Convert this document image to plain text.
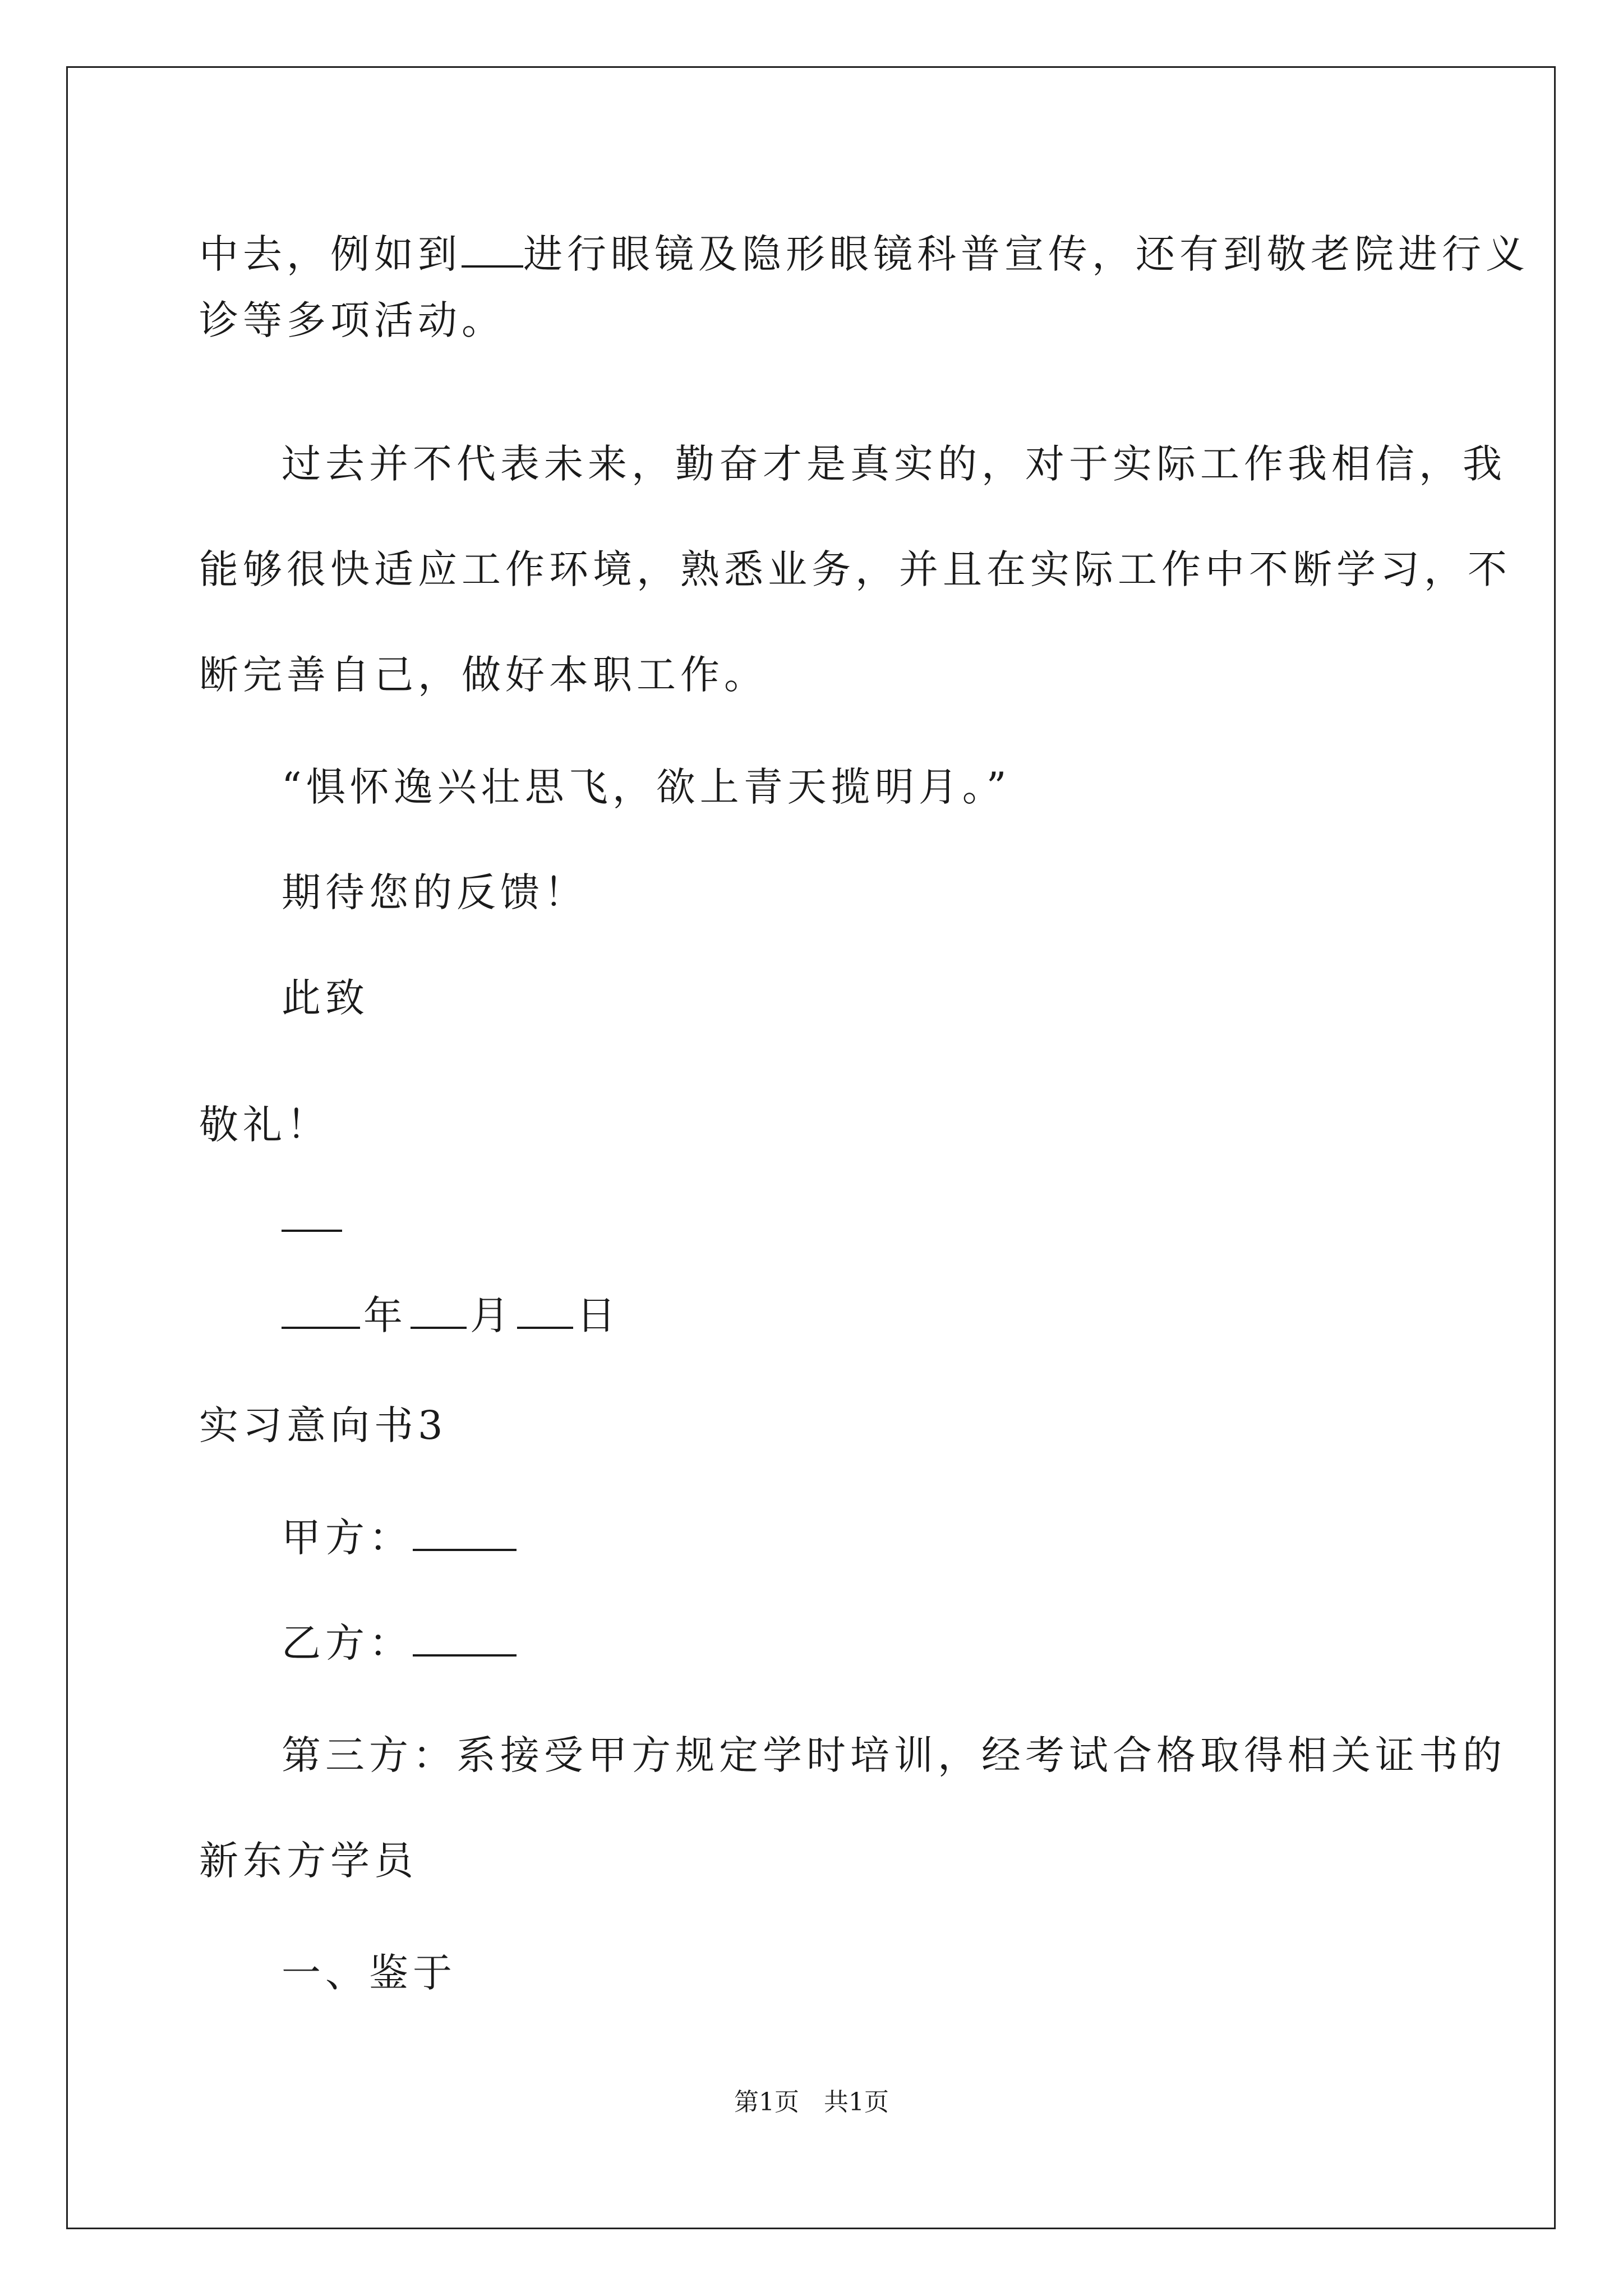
中去，例如到 进行眼镜及隐形眼镜科普宣传，还有到敬老院进行义
诊等多项活动。
过去并不代表未来，勤奋才是真实的，对于实际工作我相信，我
能够很快适应工作环境，熟悉业务，并且在实际工作中不断学习，不
断完善自己，做好本职工作。
“惧怀逸兴壮思飞，欲上青天揽明月。”
期待您的反馈！
此致
敬礼！
年 月 日
实习意向书3
甲方：
乙方：
第三方：系接受甲方规定学时培训，经考试合格取得相关证书的
新东方学员
一、鉴于
第1页　共1页
